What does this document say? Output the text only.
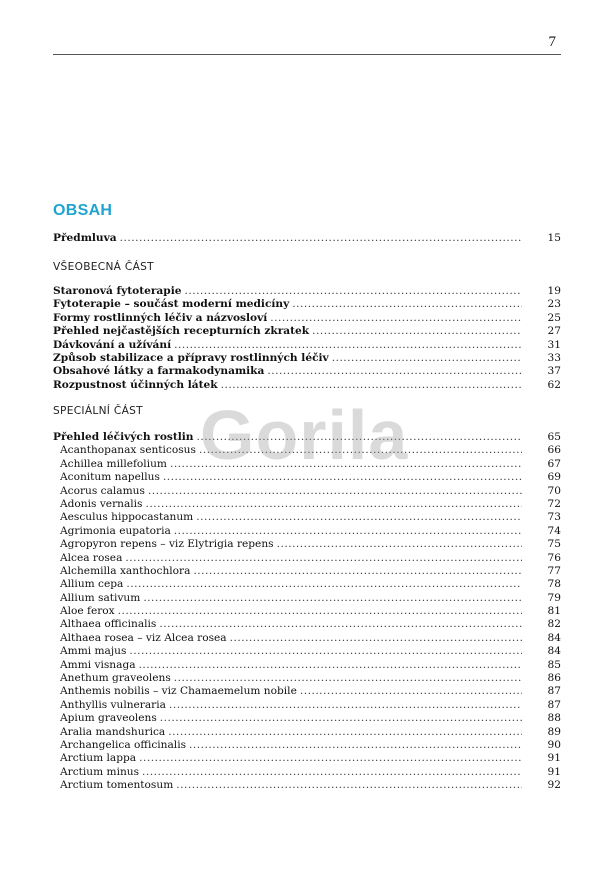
7
OBSAH
Předmluva .....	15
VŠEOBECNÁ ČÁST
Staronová fytoterapie .....	19
Fytoterapie – součást moderní medicíny .....	23
Formy rostlinných léčiv a názvosloví .....	25
Přehled nejčastějších recepturních zkratek .....	27
Dávkování a užívání .....	31
Způsob stabilizace a přípravy rostlinných léčiv .....	33
Obsahové látky a farmakodynamika .....	37
Rozpustnost účinných látek .....	62
SPECIÁLNÍ ČÁST
Přehled léčivých rostlin .....	65
Acanthopanax senticosus .....	66
Achillea millefolium .....	67
Aconitum napellus .....	69
Acorus calamus .....	70
Adonis vernalis .....	72
Aesculus hippocastanum .....	73
Agrimonia eupatoria .....	74
Agropyron repens – viz Elytrigia repens .....	75
Alcea rosea .....	76
Alchemilla xanthochlora .....	77
Allium cepa .....	78
Allium sativum .....	79
Aloe ferox .....	81
Althaea officinalis .....	82
Althaea rosea – viz Alcea rosea .....	84
Ammi majus .....	84
Ammi visnaga .....	85
Anethum graveolens .....	86
Anthemis nobilis – viz Chamaemelum nobile .....	87
Anthyllis vulneraria .....	87
Apium graveolens .....	88
Aralia mandshurica .....	89
Archangelica officinalis .....	90
Arctium lappa .....	91
Arctium minus .....	91
Arctium tomentosum .....	92
Gorila
